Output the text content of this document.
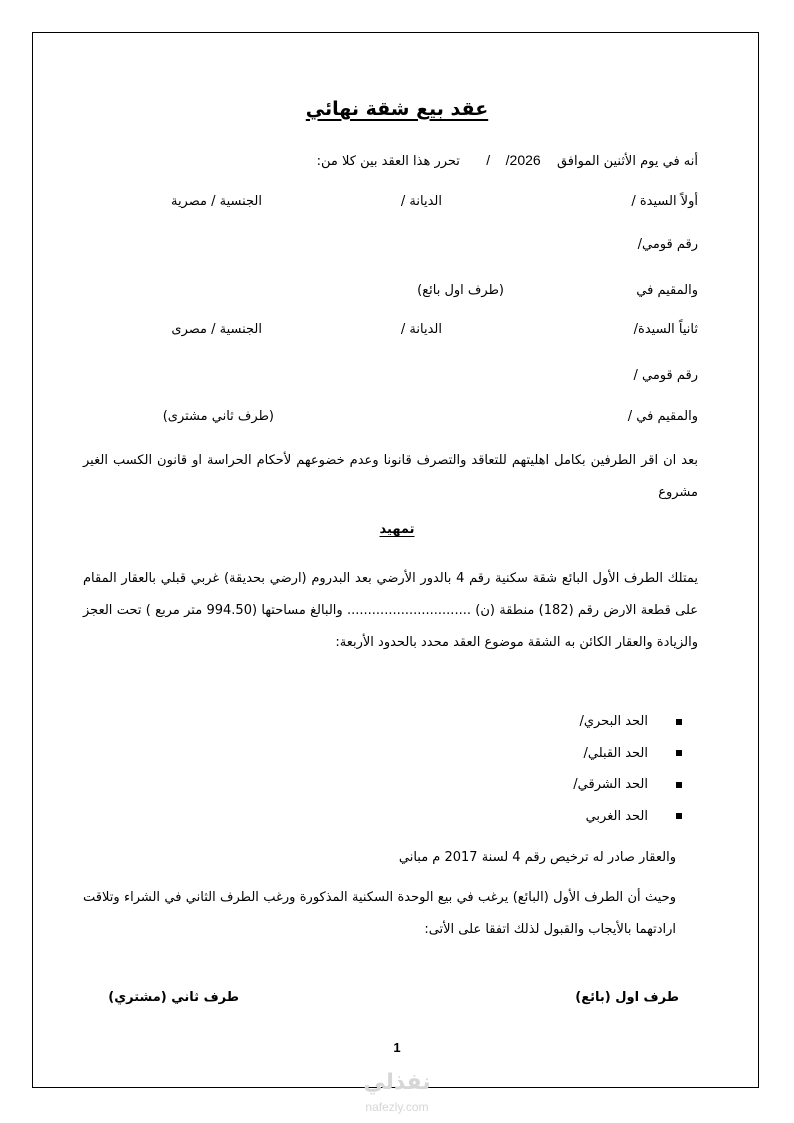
عقد بيع شقة نهائي
أنه في يوم الأثنين الموافق  /    /2026  تحرر هذا العقد بين كلا من:
أولاً السيدة /
الديانة /
الجنسية / مصرية
رقم قومي/
والمقيم في
(طرف اول بائع)
ثانياً السيدة/
الديانة /
الجنسية / مصرى
رقم قومي /
والمقيم في /
(طرف ثاني مشترى)
بعد ان اقر الطرفين بكامل اهليتهم للتعاقد والتصرف قانونا وعدم خضوعهم لأحكام الحراسة او قانون الكسب الغير مشروع
تمهيد
يمتلك الطرف الأول البائع شقة سكنية رقم 4 بالدور الأرضي بعد البدروم (ارضي بحديقة) غربي قبلي بالعقار المقام على قطعة الارض رقم (182) منطقة (ن) .............................. والبالغ مساحتها (994.50 متر مربع ) تحت العجز والزيادة والعقار الكائن به الشقة موضوع العقد محدد بالحدود الأربعة:
الحد البحري/
الحد القبلي/
الحد الشرقي/
الحد الغربي
والعقار صادر له ترخيص رقم 4 لسنة 2017 م مباني
وحيث أن الطرف الأول (البائع) يرغب في بيع الوحدة السكنية المذكورة ورغب الطرف الثاني في الشراء وتلاقت ارادتهما بالأيجاب والقبول لذلك اتفقا على الأتى:
طرف اول (بائع)
طرف ثاني (مشتري)
1
نفذلي
nafezly.com
